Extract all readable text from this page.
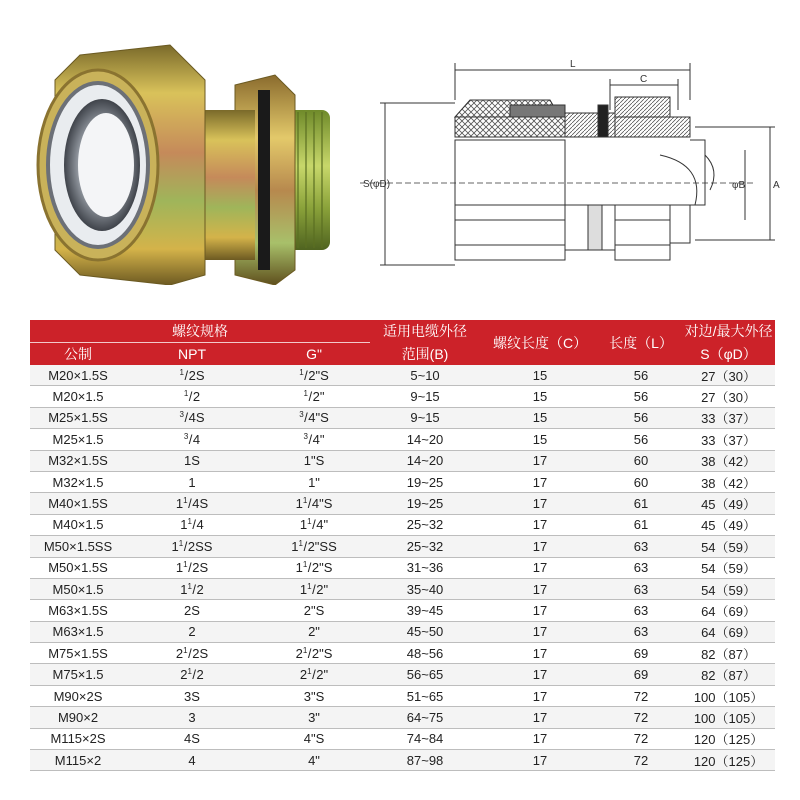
L
C
S(φD)	φB	A
螺纹规格			适用电缆外径	螺纹长度（C）	长度（L）	对边/最大外径
公制	NPT	G"	范围(B)			S（φD）
M20×1.5S	$^1$/2S	$^1$/2"S	5~10	15	56	27（30）
M20×1.5	$^1$/2	$^1$/2"	9~15	15	56	27（30）
M25×1.5S	$^3$/4S	$^3$/4"S	9~15	15	56	33（37）
M25×1.5	$^3$/4	$^3$/4"	14~20	15	56	33（37）
M32×1.5S	1S	1"S	14~20	17	60	38（42）
M32×1.5	1	1"	19~25	17	60	38（42）
M40×1.5S	$1^1/4S$	$1^1/4"S$	19~25	17	61	45（49）
M40×1.5	$1^1/4$	$1^1/4$"	25~32	17	61	45（49）
M50×1.5SS	$1^1/2SS$	$1^1/2"SS$	25~32	17	63	54（59）
M50×1.5S	$1^1/2S$	$1^1/2"S$	31~36	17	63	54（59）
M50×1.5	$1^1/2$	$1^1/2$"	35~40	17	63	54（59）
M63×1.5S	2S	2"S	39~45	17	63	64（69）
M63×1.5	2	2"	45~50	17	63	64（69）
M75×1.5S	$2^1/2S$	$2^1/2"S$	48~56	17	69	82（87）
M75×1.5	$2^1/2$	$2^1/2$"	56~65	17	69	82（87）
M90×2S	3S	3"S	51~65	17	72	100（105）
M90×2	3	3"	64~75	17	72	100（105）
M115×2S	4S	4"S	74~84	17	72	120（125）
M115×2	4	4"	87~98	17	72	120（125）
